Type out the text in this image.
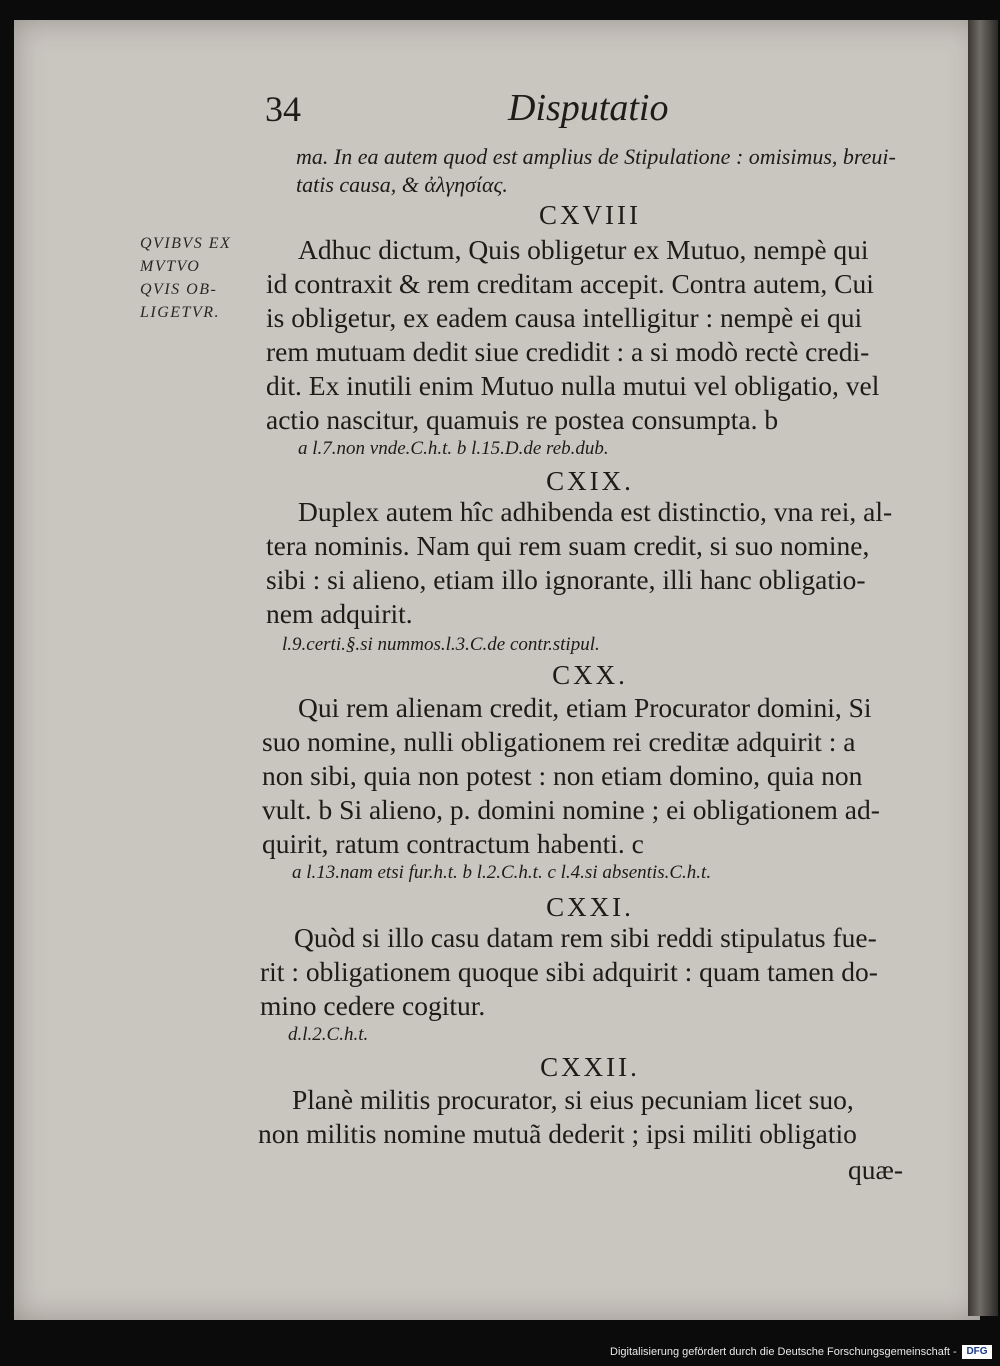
34	Disputatio
ma. In ea autem quod est amplius de Stipulatione : omisimus, breui-
tatis causa, & ἀλγησίας.
QVIBVS EX
MVTVO
QVIS OB-
LIGETVR.
CXVIII
Adhuc dictum, Quis obligetur ex Mutuo, nempè qui
id contraxit & rem creditam accepit. Contra autem, Cui
is obligetur, ex eadem causa intelligitur : nempè ei qui
rem mutuam dedit siue credidit : a si modò rectè credi-
dit. Ex inutili enim Mutuo nulla mutui vel obligatio, vel
actio nascitur, quamuis re postea consumpta. b
a l.7.non vnde.C.h.t. b l.15.D.de reb.dub.
CXIX.
Duplex autem hîc adhibenda est distinctio, vna rei, al-
tera nominis. Nam qui rem suam credit, si suo nomine,
sibi : si alieno, etiam illo ignorante, illi hanc obligatio-
nem adquirit.
l.9.certi.§.si nummos.l.3.C.de contr.stipul.
CXX.
Qui rem alienam credit, etiam Procurator domini, Si
suo nomine, nulli obligationem rei creditæ adquirit : a
non sibi, quia non potest : non etiam domino, quia non
vult. b Si alieno, p. domini nomine ; ei obligationem ad-
quirit, ratum contractum habenti. c
a l.13.nam etsi fur.h.t. b l.2.C.h.t. c l.4.si absentis.C.h.t.
CXXI.
Quòd si illo casu datam rem sibi reddi stipulatus fue-
rit : obligationem quoque sibi adquirit : quam tamen do-
mino cedere cogitur.
d.l.2.C.h.t.
CXXII.
Planè militis procurator, si eius pecuniam licet suo,
non militis nomine mutuã dederit ; ipsi militi obligatio
quæ-
Digitalisierung gefördert durch die Deutsche Forschungsgemeinschaft - DFG
